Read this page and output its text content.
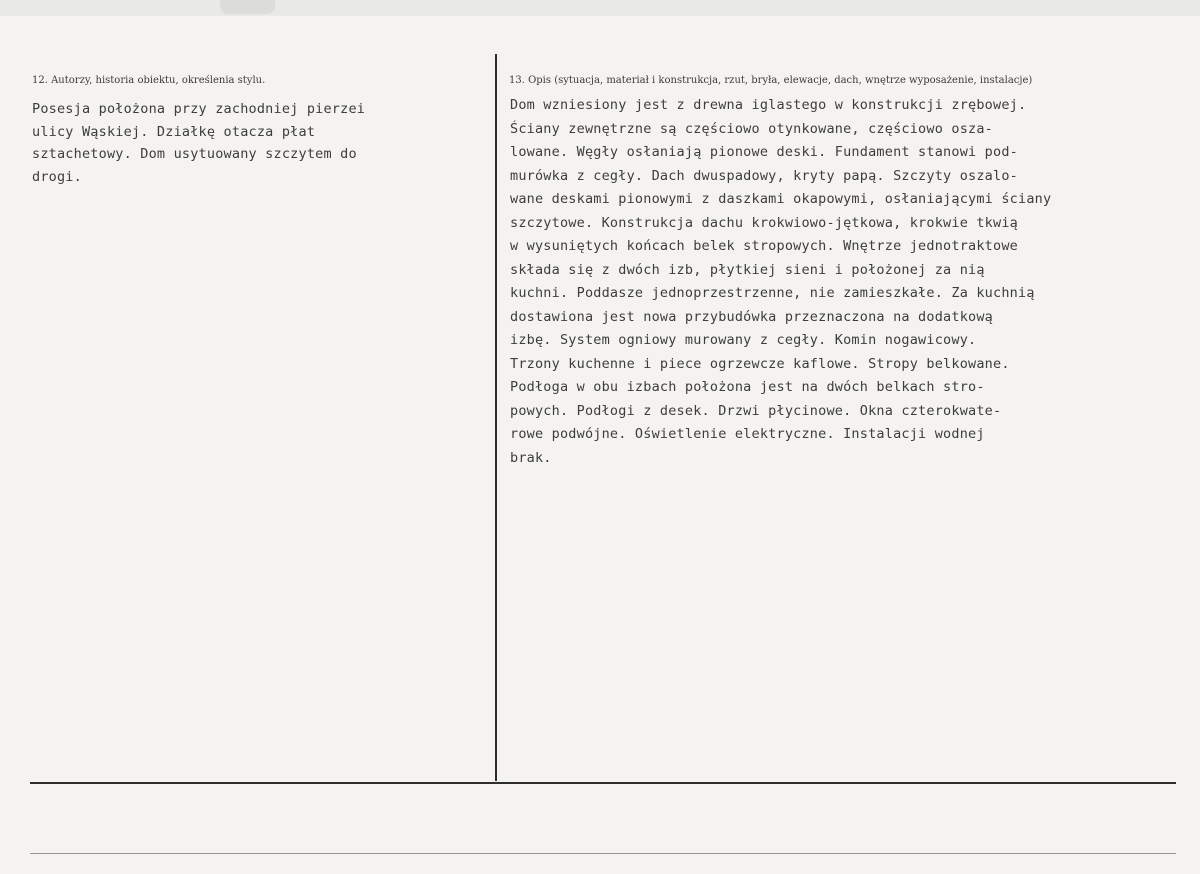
12. Autorzy, historia obiektu, określenia stylu.	13. Opis (sytuacja, materiał i konstrukcja, rzut, bryła, elewacje, dach, wnętrze wyposażenie, instalacje)
Posesja położona przy zachodniej pierzei
ulicy Wąskiej. Działkę otacza płat
sztachetowy. Dom usytuowany szczytem do
drogi.
Dom wzniesiony jest z drewna iglastego w konstrukcji zrębowej.
Ściany zewnętrzne są częściowo otynkowane, częściowo osza-
lowane. Węgły osłaniają pionowe deski. Fundament stanowi pod-
murówka z cegły. Dach dwuspadowy, kryty papą. Szczyty oszalo-
wane deskami pionowymi z daszkami okapowymi, osłaniającymi ściany
szczytowe. Konstrukcja dachu krokwiowo-jętkowa, krokwie tkwią
w wysuniętych końcach belek stropowych. Wnętrze jednotraktowe
składa się z dwóch izb, płytkiej sieni i położonej za nią
kuchni. Poddasze jednoprzestrzenne, nie zamieszkałe. Za kuchnią
dostawiona jest nowa przybudówka przeznaczona na dodatkową
izbę. System ogniowy murowany z cegły. Komin nogawicowy.
Trzony kuchenne i piece ogrzewcze kaflowe. Stropy belkowane.
Podłoga w obu izbach położona jest na dwóch belkach stro-
powych. Podłogi z desek. Drzwi płycinowe. Okna czterokwate-
rowe podwójne. Oświetlenie elektryczne. Instalacji wodnej
brak.
